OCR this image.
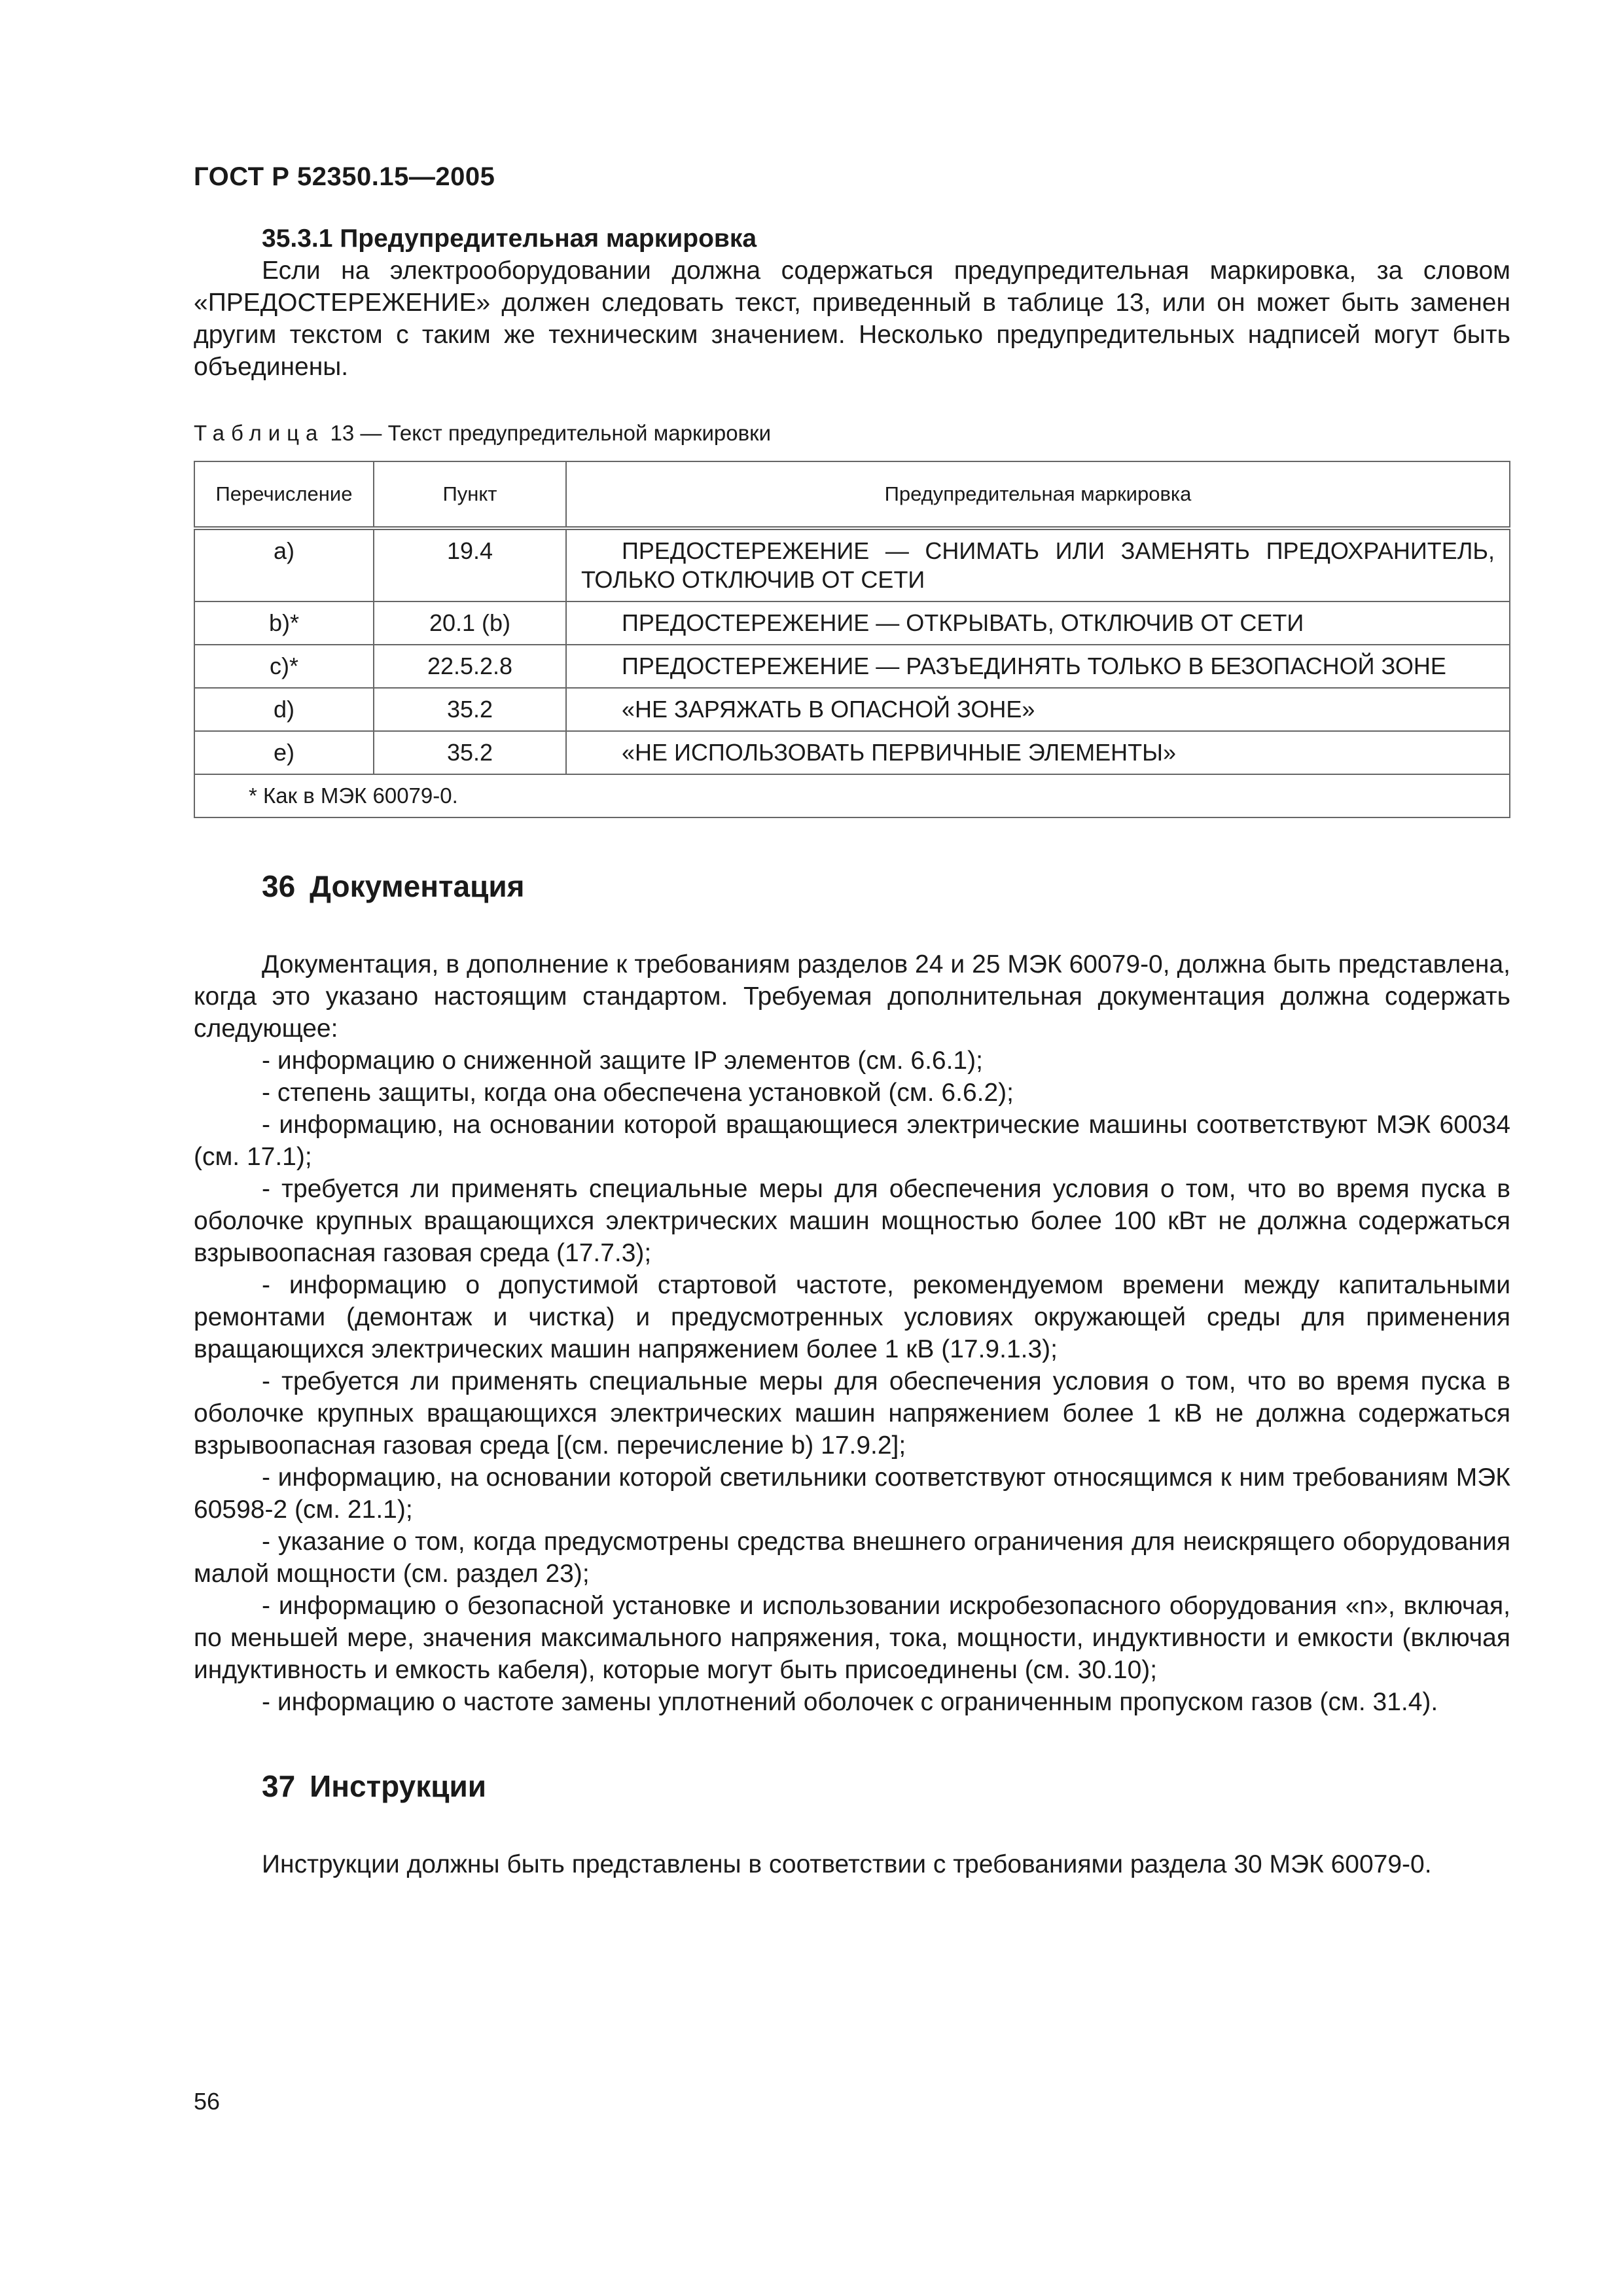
ГОСТ Р 52350.15—2005

35.3.1 Предупредительная маркировка

Если на электрооборудовании должна содержаться предупредительная маркировка, за словом «ПРЕДОСТЕРЕЖЕНИЕ» должен следовать текст, приведенный в таблице 13, или он может быть заменен другим текстом с таким же техническим значением. Несколько предупредительных надписей могут быть объединены.

Таблица 13 — Текст предупредительной маркировки
Перечисление	Пункт	Предупредительная маркировка
a)	19.4	ПРЕДОСТЕРЕЖЕНИЕ — СНИМАТЬ ИЛИ ЗАМЕНЯТЬ ПРЕДОХРАНИТЕЛЬ, ТОЛЬКО ОТКЛЮЧИВ ОТ СЕТИ

b)*	20.1 (b)	ПРЕДОСТЕРЕЖЕНИЕ — ОТКРЫВАТЬ, ОТКЛЮЧИВ ОТ СЕТИ

c)*	22.5.2.8	ПРЕДОСТЕРЕЖЕНИЕ — РАЗЪЕДИНЯТЬ ТОЛЬКО В БЕЗОПАСНОЙ ЗОНЕ

d)	35.2	«НЕ ЗАРЯЖАТЬ В ОПАСНОЙ ЗОНЕ»

e)	35.2	«НЕ ИСПОЛЬЗОВАТЬ ПЕРВИЧНЫЕ ЭЛЕМЕНТЫ»

* Как в МЭК 60079-0.		
36 Документация

Документация, в дополнение к требованиям разделов 24 и 25 МЭК 60079-0, должна быть представлена, когда это указано настоящим стандартом. Требуемая дополнительная документация должна содержать следующее:

- информацию о сниженной защите IP элементов (см. 6.6.1);

- степень защиты, когда она обеспечена установкой (см. 6.6.2);

- информацию, на основании которой вращающиеся электрические машины соответствуют МЭК 60034 (см. 17.1);

- требуется ли применять специальные меры для обеспечения условия о том, что во время пуска в оболочке крупных вращающихся электрических машин мощностью более 100 кВт не должна содержаться взрывоопасная газовая среда (17.7.3);

- информацию о допустимой стартовой частоте, рекомендуемом времени между капитальными ремонтами (демонтаж и чистка) и предусмотренных условиях окружающей среды для применения вращающихся электрических машин напряжением более 1 кВ (17.9.1.3);

- требуется ли применять специальные меры для обеспечения условия о том, что во время пуска в оболочке крупных вращающихся электрических машин напряжением более 1 кВ не должна содержаться взрывоопасная газовая среда [(см. перечисление b) 17.9.2];

- информацию, на основании которой светильники соответствуют относящимся к ним требованиям МЭК 60598-2 (см. 21.1);

- указание о том, когда предусмотрены средства внешнего ограничения для неискрящего оборудования малой мощности (см. раздел 23);

- информацию о безопасной установке и использовании искробезопасного оборудования «n», включая, по меньшей мере, значения максимального напряжения, тока, мощности, индуктивности и емкости (включая индуктивность и емкость кабеля), которые могут быть присоединены (см. 30.10);

- информацию о частоте замены уплотнений оболочек с ограниченным пропуском газов (см. 31.4).

37 Инструкции

Инструкции должны быть представлены в соответствии с требованиями раздела 30 МЭК 60079-0.

56
